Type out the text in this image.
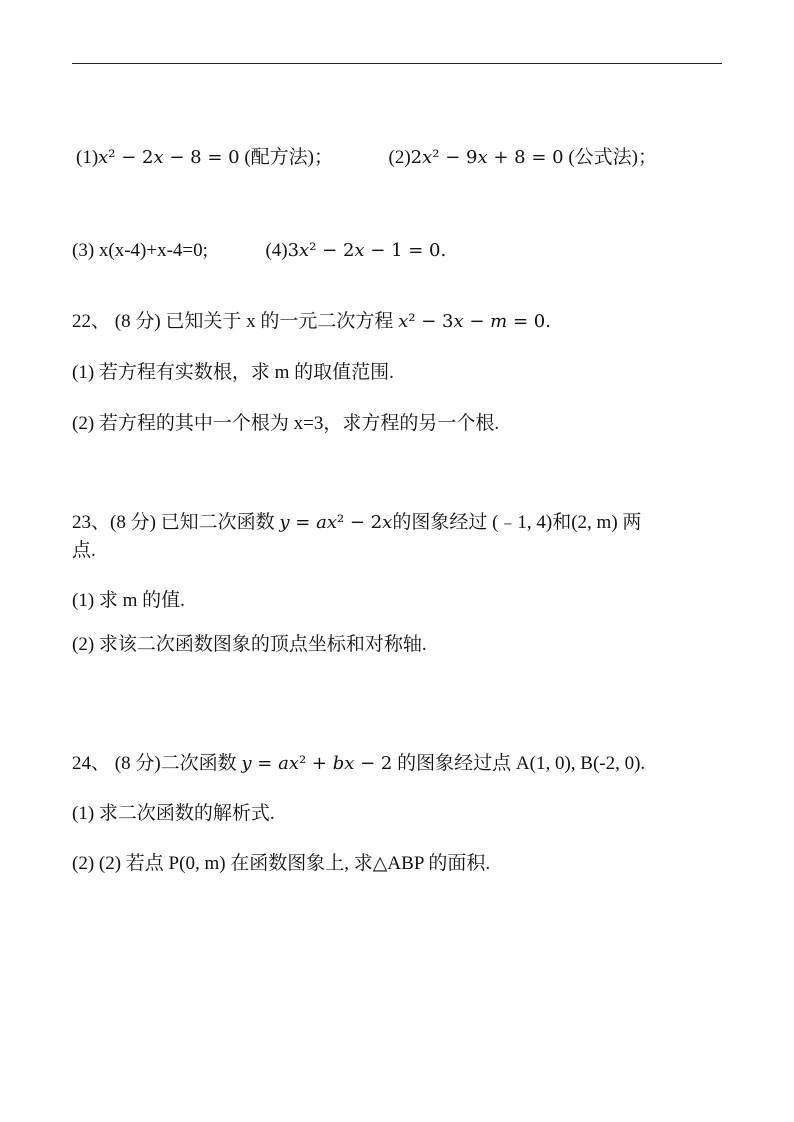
(1)𝑥² − 2𝑥 − 8 = 0 (配方法)；	(2)2𝑥² − 9𝑥 + 8 = 0 (公式法)；
(3) x(x-4)+x-4=0;	(4)3𝑥² − 2𝑥 − 1 = 0.
22、 (8 分) 已知关于 x 的一元二次方程 𝑥² − 3𝑥 − 𝑚 = 0.
(1) 若方程有实数根，求 m 的取值范围.
(2) 若方程的其中一个根为 x=3，求方程的另一个根.
23、(8 分) 已知二次函数 𝑦 = 𝑎𝑥² − 2𝑥的图象经过 (﹣1, 4)和(2, m) 两
点.
(1) 求 m 的值.
(2) 求该二次函数图象的顶点坐标和对称轴.
24、 (8 分)二次函数 𝑦 = 𝑎𝑥² + 𝑏𝑥 − 2 的图象经过点 A(1, 0), B(-2, 0).
(1) 求二次函数的解析式.
(2) (2) 若点 P(0, m) 在函数图象上, 求△ABP 的面积.
